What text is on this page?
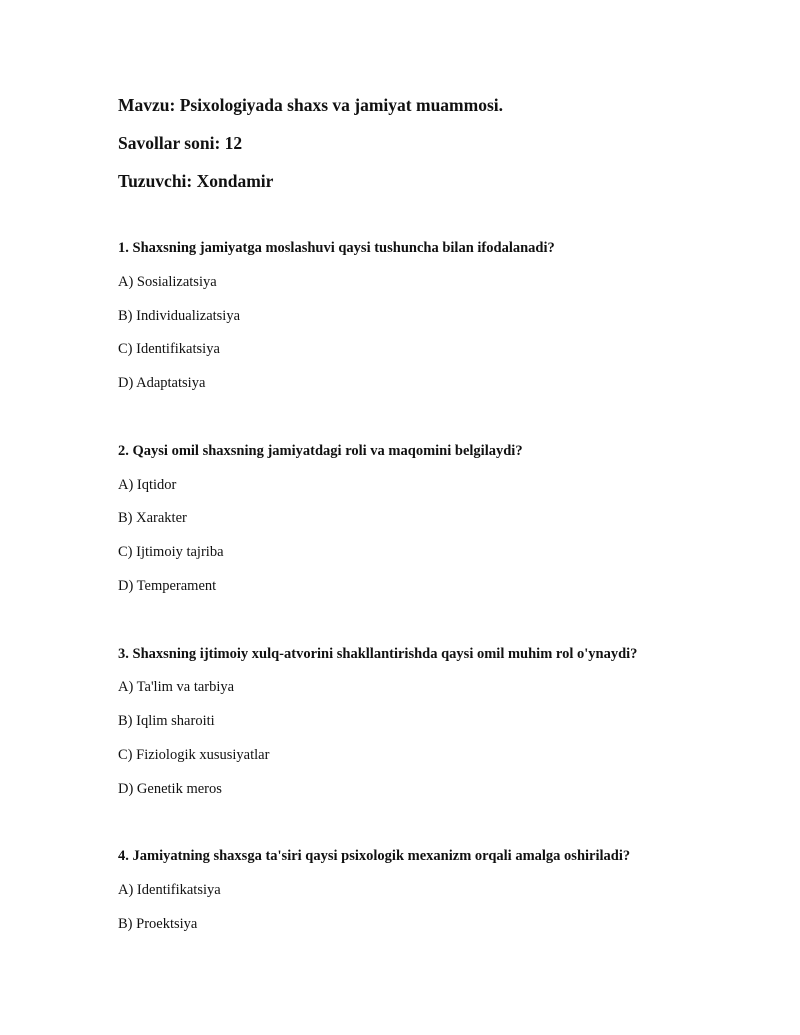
Mavzu: Psixologiyada shaxs va jamiyat muammosi.
Savollar soni: 12
Tuzuvchi: Xondamir
1. Shaxsning jamiyatga moslashuvi qaysi tushuncha bilan ifodalanadi?
A) Sosializatsiya
B) Individualizatsiya
C) Identifikatsiya
D) Adaptatsiya
2. Qaysi omil shaxsning jamiyatdagi roli va maqomini belgilaydi?
A) Iqtidor
B) Xarakter
C) Ijtimoiy tajriba
D) Temperament
3. Shaxsning ijtimoiy xulq-atvorini shakllantirishda qaysi omil muhim rol o'ynaydi?
A) Ta'lim va tarbiya
B) Iqlim sharoiti
C) Fiziologik xususiyatlar
D) Genetik meros
4. Jamiyatning shaxsga ta'siri qaysi psixologik mexanizm orqali amalga oshiriladi?
A) Identifikatsiya
B) Proektsiya
